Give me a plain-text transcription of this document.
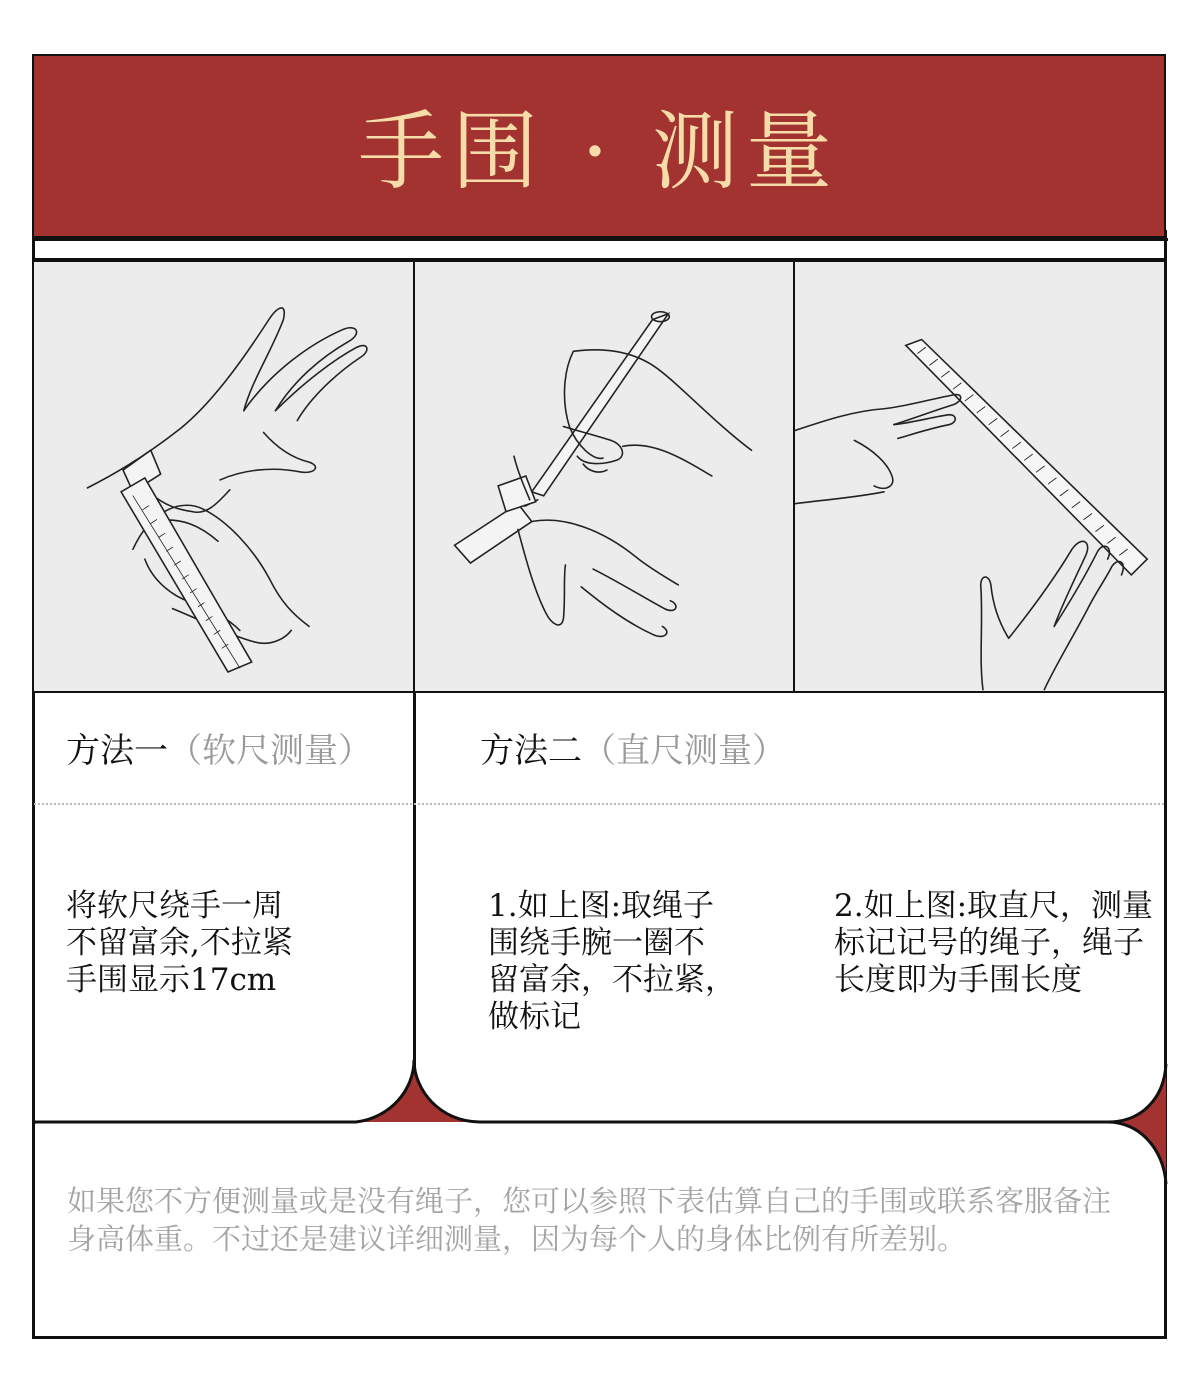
手围 · 测量
方法一（软尺测量）	方法二（直尺测量）
将软尺绕手一周
不留富余,不拉紧
手围显示17cm
1.如上图:取绳子
围绕手腕一圈不
留富余，不拉紧，
做标记
2.如上图:取直尺，测量
标记记号的绳子，绳子
长度即为手围长度
如果您不方便测量或是没有绳子，您可以参照下表估算自己的手围或联系客服备注
身高体重。不过还是建议详细测量，因为每个人的身体比例有所差别。
